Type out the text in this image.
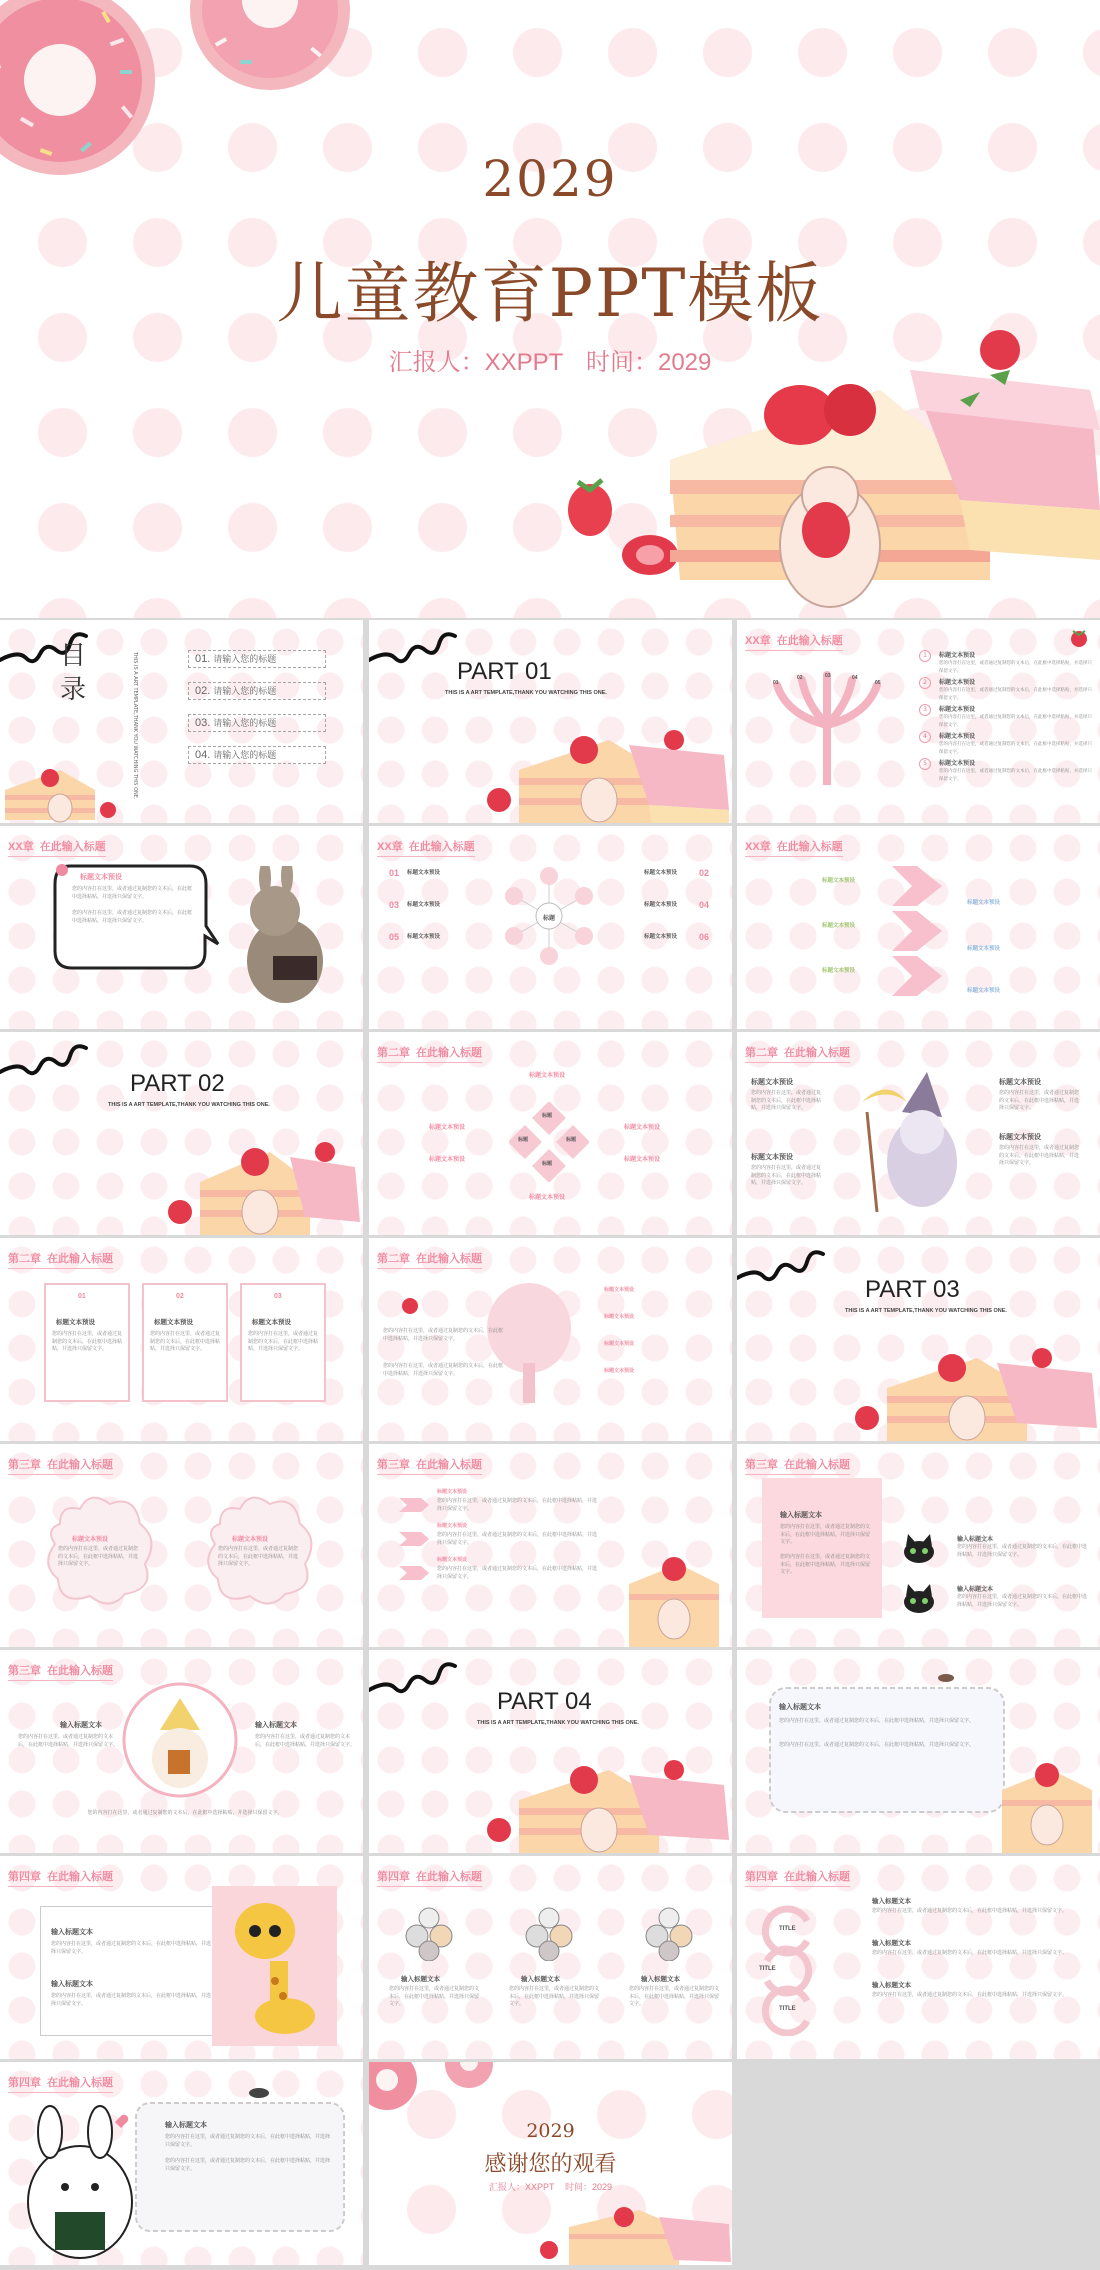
2029
儿童教育PPT模板
汇报人：XXPPT 时间：2029
目录	THIS IS A ART TEMPLATE,THANK YOU WATCHING THIS ONE.	01. 请输入您的标题
02. 请输入您的标题
03. 请输入您的标题
04. 请输入您的标题
PART 01
THIS IS A ART TEMPLATE,THANK YOU WATCHING THIS ONE.
XX章 在此输入标题
01
02	03	04
05
1	标题文本预设
您的内容打在这里，或者通过复制您的文本后，在此框中选择粘贴，并选择只保留文字。
2	标题文本预设
您的内容打在这里，或者通过复制您的文本后，在此框中选择粘贴，并选择只保留文字。
3	标题文本预设
您的内容打在这里，或者通过复制您的文本后，在此框中选择粘贴，并选择只保留文字。
4	标题文本预设
您的内容打在这里，或者通过复制您的文本后，在此框中选择粘贴，并选择只保留文字。
5	标题文本预设
您的内容打在这里，或者通过复制您的文本后，在此框中选择粘贴，并选择只保留文字。
XX章 在此输入标题
标题文本预设
您的内容打在这里，或者通过复制您的文本后，在此框中选择粘贴，并选择只保留文字。
您的内容打在这里，或者通过复制您的文本后，在此框中选择粘贴，并选择只保留文字。
XX章 在此输入标题
标题
01
03
05
02
04
06
标题文本预设
标题文本预设
标题文本预设
标题文本预设
标题文本预设
标题文本预设
XX章 在此输入标题
标题文本预设
标题文本预设
标题文本预设
标题文本预设
标题文本预设
标题文本预设
PART 02
THIS IS A ART TEMPLATE,THANK YOU WATCHING THIS ONE.
第二章 在此输入标题
标题
标题
标题
标题
标题文本预设
标题文本预设
标题文本预设
标题文本预设
标题文本预设
标题文本预设
第二章 在此输入标题
标题文本预设
您的内容打在这里，或者通过复制您的文本后，在此框中选择粘贴，并选择只保留文字。
标题文本预设
您的内容打在这里，或者通过复制您的文本后，在此框中选择粘贴，并选择只保留文字。
标题文本预设
您的内容打在这里，或者通过复制您的文本后，在此框中选择粘贴，并选择只保留文字。
标题文本预设
您的内容打在这里，或者通过复制您的文本后，在此框中选择粘贴，并选择只保留文字。
第二章 在此输入标题
01
标题文本预设
您的内容打在这里，或者通过复制您的文本后，在此框中选择粘贴，并选择只保留文字。
02
标题文本预设
您的内容打在这里，或者通过复制您的文本后，在此框中选择粘贴，并选择只保留文字。
03
标题文本预设
您的内容打在这里，或者通过复制您的文本后，在此框中选择粘贴，并选择只保留文字。
第二章 在此输入标题
您的内容打在这里，或者通过复制您的文本后，在此框中选择粘贴，并选择只保留文字。
您的内容打在这里，或者通过复制您的文本后，在此框中选择粘贴，并选择只保留文字。
标题文本预设
标题文本预设
标题文本预设
标题文本预设
PART 03
THIS IS A ART TEMPLATE,THANK YOU WATCHING THIS ONE.
第三章 在此输入标题
标题文本预设
您的内容打在这里，或者通过复制您的文本后，在此框中选择粘贴，并选择只保留文字。
标题文本预设
您的内容打在这里，或者通过复制您的文本后，在此框中选择粘贴，并选择只保留文字。
第三章 在此输入标题
标题文本预设
您的内容打在这里，或者通过复制您的文本后，在此框中选择粘贴，并选择只保留文字。
标题文本预设
您的内容打在这里，或者通过复制您的文本后，在此框中选择粘贴，并选择只保留文字。
标题文本预设
您的内容打在这里，或者通过复制您的文本后，在此框中选择粘贴，并选择只保留文字。
第三章 在此输入标题
输入标题文本
您的内容打在这里，或者通过复制您的文本后，在此框中选择粘贴，并选择只保留文字。
您的内容打在这里，或者通过复制您的文本后，在此框中选择粘贴，并选择只保留文字。
输入标题文本
您的内容打在这里，或者通过复制您的文本后，在此框中选择粘贴，并选择只保留文字。
输入标题文本
您的内容打在这里，或者通过复制您的文本后，在此框中选择粘贴，并选择只保留文字。
第三章 在此输入标题
输入标题文本
您的内容打在这里，或者通过复制您的文本后，在此框中选择粘贴，并选择只保留文字。
输入标题文本
您的内容打在这里，或者通过复制您的文本后，在此框中选择粘贴，并选择只保留文字。
您的内容打在这里，或者通过复制您的文本后，在此框中选择粘贴，并选择只保留文字。
PART 04
THIS IS A ART TEMPLATE,THANK YOU WATCHING THIS ONE.
输入标题文本
您的内容打在这里，或者通过复制您的文本后，在此框中选择粘贴，并选择只保留文字。
您的内容打在这里，或者通过复制您的文本后，在此框中选择粘贴，并选择只保留文字。
第四章 在此输入标题
输入标题文本
您的内容打在这里，或者通过复制您的文本后，在此框中选择粘贴，并选择只保留文字。
输入标题文本
您的内容打在这里，或者通过复制您的文本后，在此框中选择粘贴，并选择只保留文字。
第四章 在此输入标题
输入标题文本
您的内容打在这里，或者通过复制您的文本后，在此框中选择粘贴，并选择只保留文字。
输入标题文本
您的内容打在这里，或者通过复制您的文本后，在此框中选择粘贴，并选择只保留文字。
输入标题文本
您的内容打在这里，或者通过复制您的文本后，在此框中选择粘贴，并选择只保留文字。
第四章 在此输入标题
TITLE
TITLE
TITLE
输入标题文本
您的内容打在这里，或者通过复制您的文本后，在此框中选择粘贴，并选择只保留文字。
输入标题文本
您的内容打在这里，或者通过复制您的文本后，在此框中选择粘贴，并选择只保留文字。
输入标题文本
您的内容打在这里，或者通过复制您的文本后，在此框中选择粘贴，并选择只保留文字。
第四章 在此输入标题
输入标题文本
您的内容打在这里，或者通过复制您的文本后，在此框中选择粘贴，并选择只保留文字。
您的内容打在这里，或者通过复制您的文本后，在此框中选择粘贴，并选择只保留文字。
2029
感谢您的观看
汇报人：XXPPT 时间：2029
